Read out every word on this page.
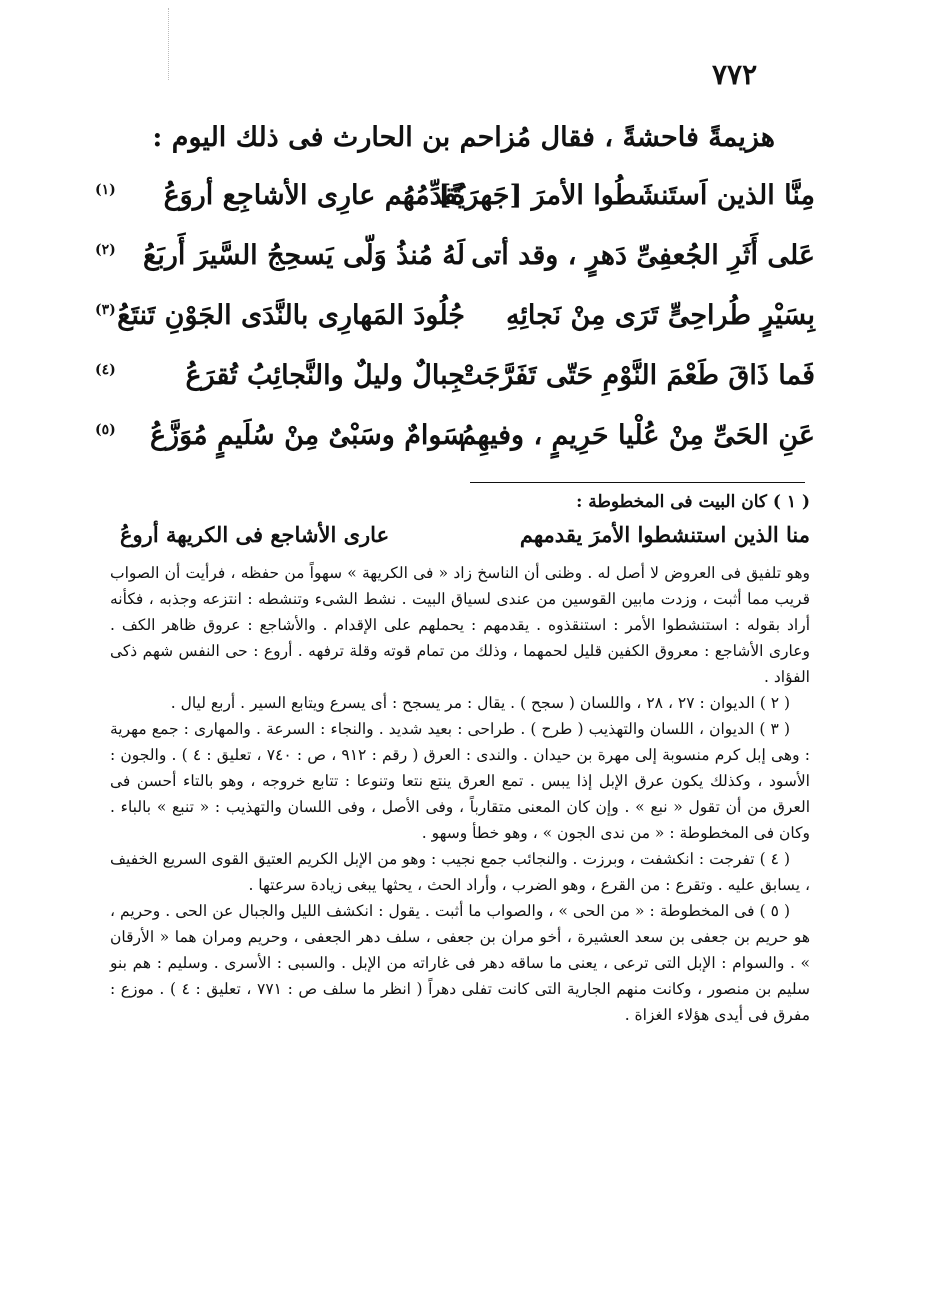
٧٧٢
هزيمةً فاحشةً ، فقال مُزاحم بن الحارث فى ذلك اليوم :
مِنَّا الذين اَستَنشَطُوا الأمرَ [جَهرَةً]
يُقدِّمُهُم عارِى الأشاجِع أروَعُ
(١)
عَلى أَثَرِ الجُعفِىِّ دَهرٍ ، وقد أتى
لَهُ مُنذُ وَلّى يَسحِجُ السَّيرَ أَربَعُ
(٢)
بِسَيْرٍ طُراحِىٍّ تَرَى مِنْ نَجائِهِ
جُلُودَ المَهارِى بالنَّدَى الجَوْنِ تَنتَعُ
(٣)
فَما ذَاقَ طَعْمَ النَّوْمِ حَتّى تَفَرَّجَتْ
جِبالٌ وليلٌ والنَّجائِبُ تُقرَعُ
(٤)
عَنِ الحَىِّ مِنْ عُلْيا حَرِيمٍ ، وفيهِمُ
سَوامٌ وسَبْىٌ مِنْ سُلَيمٍ مُوَزَّعُ
(٥)

( ١ ) كان البيت فى المخطوطة :

منا الذين استنشطوا الأمرَ يقدمهم
عارى الأشاجع فى الكريهة أروعُ

وهو تلفيق فى العروض لا أصل له . وظنى أن الناسخ زاد « فى الكريهة » سهواً من حفظه ، فرأيت أن الصواب قريب مما أثبت ، وزدت مابين القوسين من عندى لسياق البيت . نشط الشىء وتنشطه : انتزعه وجذبه ، فكأنه أراد بقوله : استنشطوا الأمر : استنقذوه . يقدمهم : يحملهم على الإقدام . والأشاجع : عروق ظاهر الكف . وعارى الأشاجع : معروق الكفين قليل لحمهما ، وذلك من تمام قوته وقلة ترفهه . أروع : حى النفس شهم ذكى الفؤاد .

( ٢ ) الديوان : ٢٧ ، ٢٨ ، واللسان ( سجح ) . يقال : مر يسجح : أى يسرع ويتابع السير . أربع ليال .

( ٣ ) الديوان ، اللسان والتهذيب ( طرح ) . طراحى : بعيد شديد . والنجاء : السرعة . والمهارى : جمع مهرية : وهى إبل كرم منسوبة إلى مهرة بن حيدان . والندى : العرق ( رقم : ٩١٢ ، ص : ٧٤٠ ، تعليق : ٤ ) . والجون : الأسود ، وكذلك يكون عرق الإبل إذا يبس . تمع العرق ينتع نتعا وتنوعا : تتابع خروجه ، وهو بالتاء أحسن فى العرق من أن تقول « نبع » . وإن كان المعنى متقارباً ، وفى الأصل ، وفى اللسان والتهذيب : « تنبع » بالباء . وكان فى المخطوطة : « من ندى الجون » ، وهو خطأ وسهو .

( ٤ ) تفرجت : انكشفت ، وبرزت . والنجائب جمع نجيب : وهو من الإبل الكريم العتيق القوى السريع الخفيف ، يسابق عليه . وتقرع : من القرع ، وهو الضرب ، وأراد الحث ، يحثها يبغى زيادة سرعتها .

( ٥ ) فى المخطوطة : « من الحى » ، والصواب ما أثبت . يقول : انكشف الليل والجبال عن الحى . وحريم ، هو حريم بن جعفى بن سعد العشيرة ، أخو مران بن جعفى ، سلف دهر الجعفى ، وحريم ومران هما « الأرقان » . والسوام : الإبل التى ترعى ، يعنى ما ساقه دهر فى غاراته من الإبل . والسبى : الأسرى . وسليم : هم بنو سليم بن منصور ، وكانت منهم الجارية التى كانت تفلى دهراً ( انظر ما سلف ص : ٧٧١ ، تعليق : ٤ ) . موزع : مفرق فى أيدى هؤلاء الغزاة .
